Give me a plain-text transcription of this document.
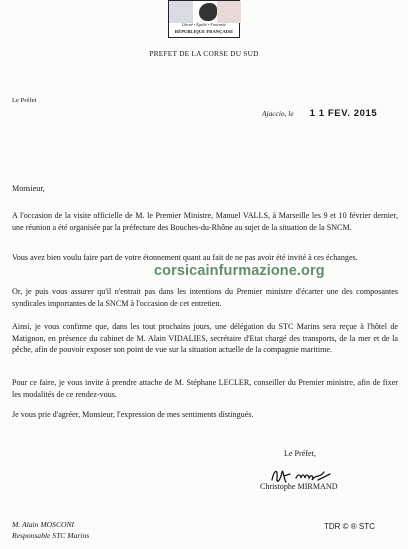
Liberté • Égalité • Fraternité
RÉPUBLIQUE FRANÇAISE
PREFET DE LA CORSE DU SUD
Le Préfet
Ajaccio, le 1 1 FEV. 2015

Monsieur,

A l'occasion de la visite officielle de M. le Premier Ministre, Manuel VALLS, à Marseille les 9 et 10 février dernier, une réunion a été organisée par la préfecture des Bouches-du-Rhône au sujet de la situation de la SNCM.

Vous avez bien voulu faire part de votre étonnement quant au fait de ne pas avoir été invité à ces échanges.

Or, je puis vous assurer qu'il n'entrait pas dans les intentions du Premier ministre d'écarter une des composantes syndicales importantes de la SNCM à l'occasion de cet entretien.

Ainsi, je vous confirme que, dans les tout prochains jours, une délégation du STC Marins sera reçue à l'hôtel de Matignon, en présence du cabinet de M. Alain VIDALIES, secrétaire d'Etat chargé des transports, de la mer et de la pêche, afin de pouvoir exposer son point de vue sur la situation actuelle de la compagnie maritime.

Pour ce faire, je vous invite à prendre attache de M. Stéphane LECLER, conseiller du Premier ministre, afin de fixer les modalités de ce rendez-vous.

Je vous prie d'agréer, Monsieur, l'expression de mes sentiments distingués.

corsicainfurmazione.org
Le Préfet,
Christophe MIRMAND
M. Alain MOSCONI
Responsable STC Marins
TDR © ® STC
